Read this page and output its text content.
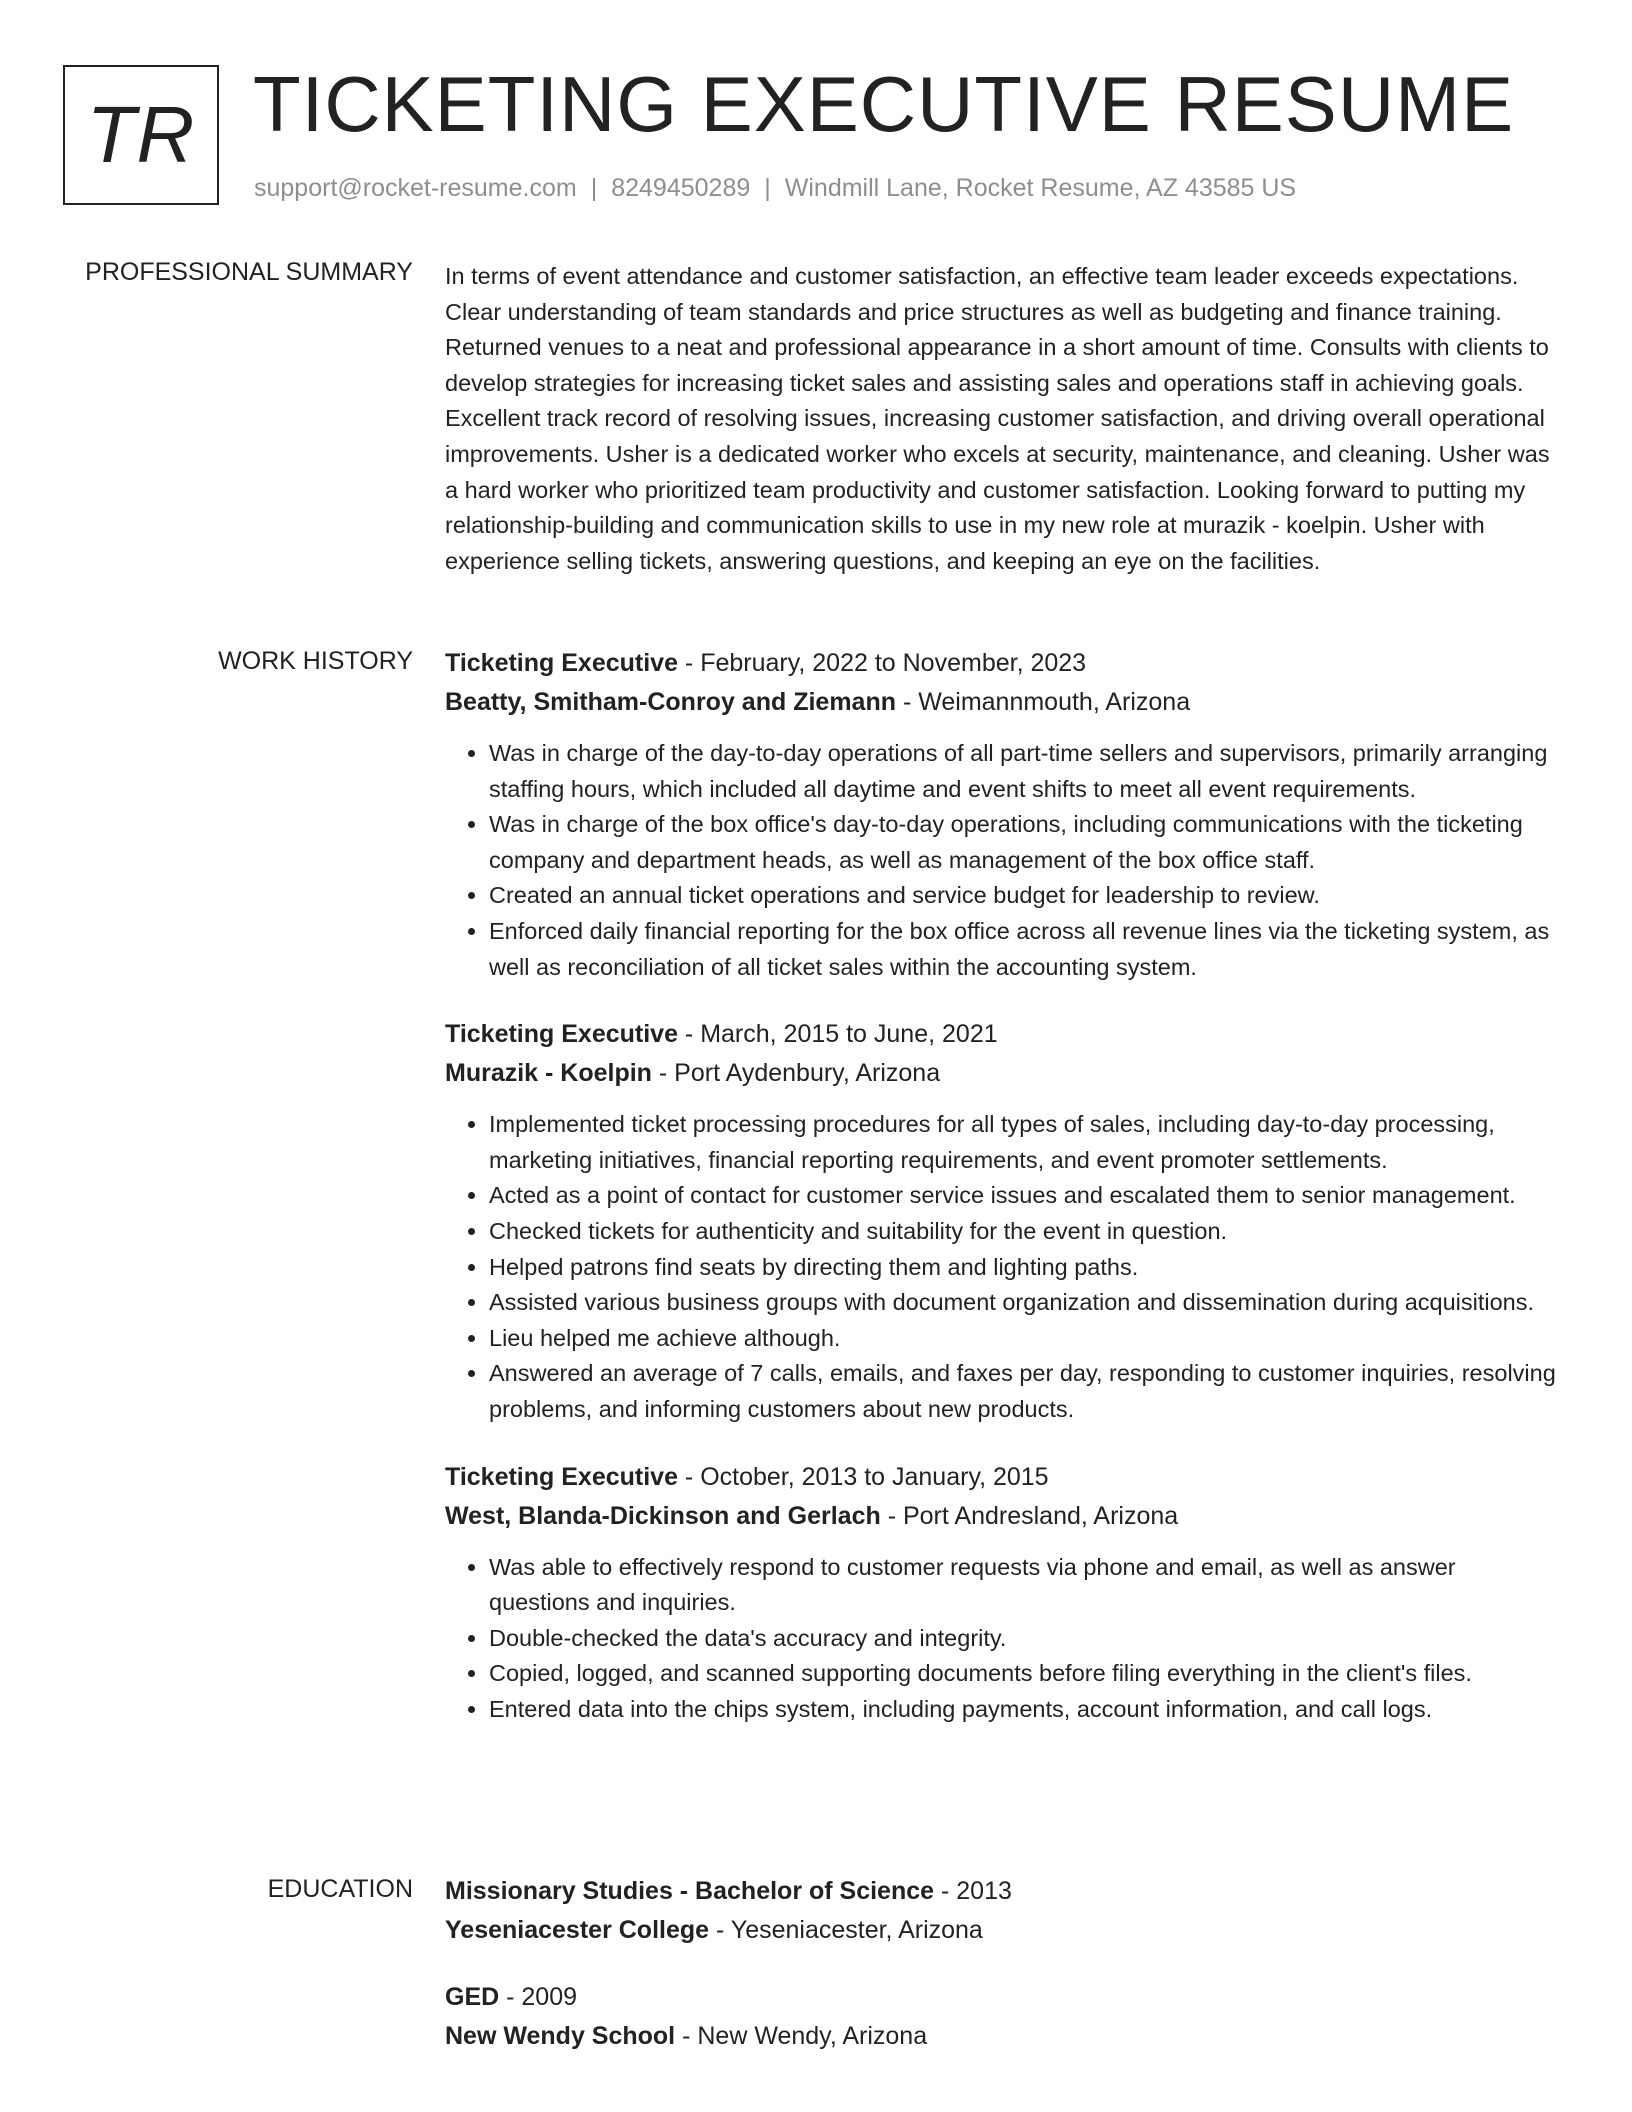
TR TICKETING EXECUTIVE RESUME
support@rocket-resume.com | 8249450289 | Windmill Lane, Rocket Resume, AZ 43585 US
PROFESSIONAL SUMMARY In terms of event attendance and customer satisfaction, an effective team leader exceeds expectations. Clear understanding of team standards and price structures as well as budgeting and finance training. Returned venues to a neat and professional appearance in a short amount of time. Consults with clients to develop strategies for increasing ticket sales and assisting sales and operations staff in achieving goals. Excellent track record of resolving issues, increasing customer satisfaction, and driving overall operational improvements. Usher is a dedicated worker who excels at security, maintenance, and cleaning. Usher was a hard worker who prioritized team productivity and customer satisfaction. Looking forward to putting my relationship-building and communication skills to use in my new role at murazik - koelpin. Usher with experience selling tickets, answering questions, and keeping an eye on the facilities.

WORK HISTORY Ticketing Executive - February, 2022 to November, 2023
Beatty, Smitham-Conroy and Ziemann - Weimannmouth, Arizona
• Was in charge of the day-to-day operations of all part-time sellers and supervisors, primarily arranging staffing hours, which included all daytime and event shifts to meet all event requirements.
• Was in charge of the box office's day-to-day operations, including communications with the ticketing company and department heads, as well as management of the box office staff.
• Created an annual ticket operations and service budget for leadership to review.
• Enforced daily financial reporting for the box office across all revenue lines via the ticketing system, as well as reconciliation of all ticket sales within the accounting system.
Ticketing Executive - March, 2015 to June, 2021
Murazik - Koelpin - Port Aydenbury, Arizona
• Implemented ticket processing procedures for all types of sales, including day-to-day processing, marketing initiatives, financial reporting requirements, and event promoter settlements.
• Acted as a point of contact for customer service issues and escalated them to senior management.
• Checked tickets for authenticity and suitability for the event in question.
• Helped patrons find seats by directing them and lighting paths.
• Assisted various business groups with document organization and dissemination during acquisitions.
• Lieu helped me achieve although.
• Answered an average of 7 calls, emails, and faxes per day, responding to customer inquiries, resolving problems, and informing customers about new products.
Ticketing Executive - October, 2013 to January, 2015
West, Blanda-Dickinson and Gerlach - Port Andresland, Arizona
• Was able to effectively respond to customer requests via phone and email, as well as answer questions and inquiries.
• Double-checked the data's accuracy and integrity.
• Copied, logged, and scanned supporting documents before filing everything in the client's files.
• Entered data into the chips system, including payments, account information, and call logs.
EDUCATION Missionary Studies - Bachelor of Science - 2013
Yeseniacester College - Yeseniacester, Arizona
GED - 2009
New Wendy School - New Wendy, Arizona
